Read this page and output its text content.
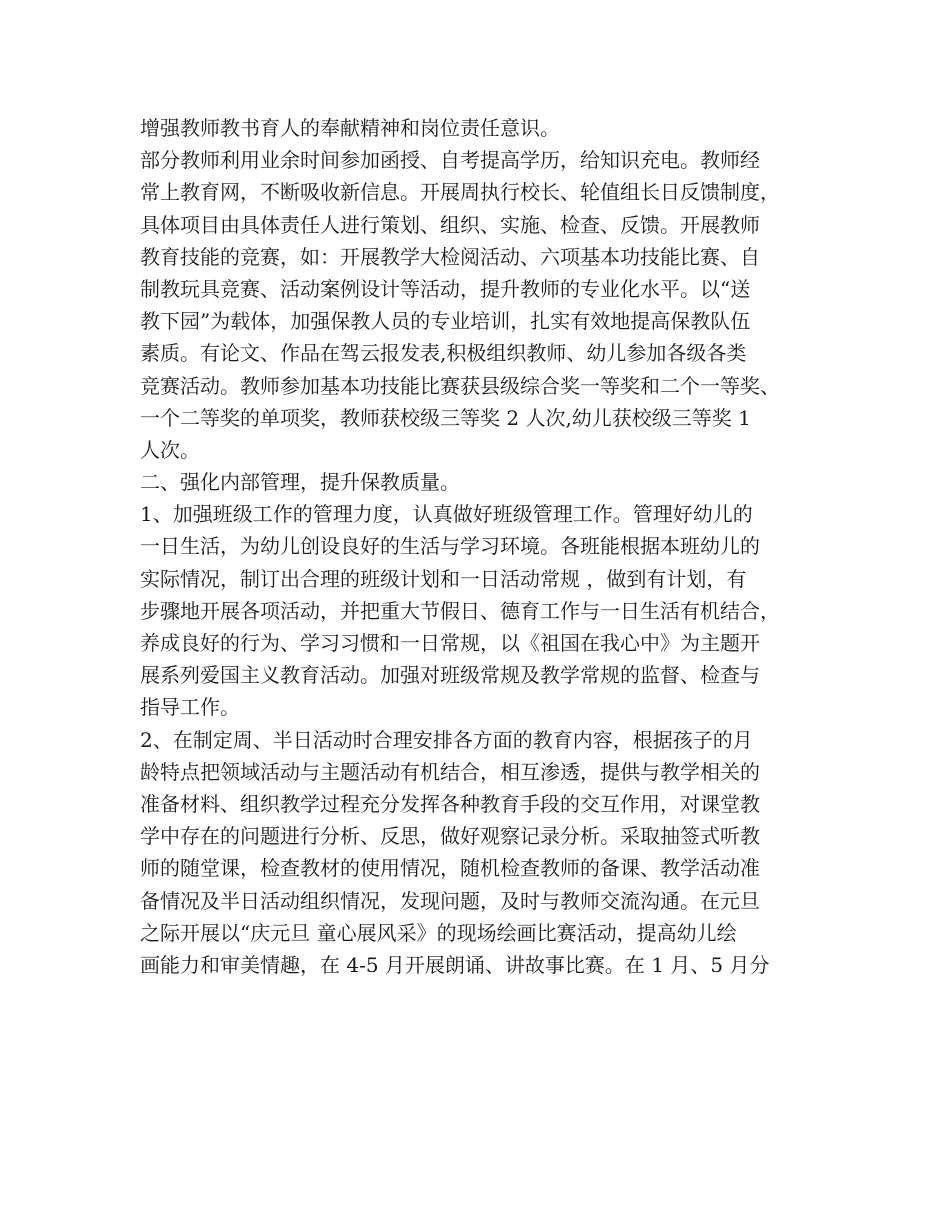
增强教师教书育人的奉献精神和岗位责任意识。
部分教师利用业余时间参加函授、自考提高学历，给知识充电。教师经
常上教育网，不断吸收新信息。开展周执行校长、轮值组长日反馈制度，
具体项目由具体责任人进行策划、组织、实施、检查、反馈。开展教师
教育技能的竞赛，如：开展教学大检阅活动、六项基本功技能比赛、自
制教玩具竞赛、活动案例设计等活动，提升教师的专业化水平。以“送
教下园”为载体，加强保教人员的专业培训，扎实有效地提高保教队伍
素质。有论文、作品在驾云报发表,积极组织教师、幼儿参加各级各类
竞赛活动。教师参加基本功技能比赛获县级综合奖一等奖和二个一等奖、
一个二等奖的单项奖，教师获校级三等奖 2 人次,幼儿获校级三等奖 1
人次。
二、强化内部管理，提升保教质量。
1、加强班级工作的管理力度，认真做好班级管理工作。管理好幼儿的
一日生活，为幼儿创设良好的生活与学习环境。各班能根据本班幼儿的
实际情况，制订出合理的班级计划和一日活动常规 ，做到有计划，有
步骤地开展各项活动，并把重大节假日、德育工作与一日生活有机结合，
养成良好的行为、学习习惯和一日常规，以《祖国在我心中》为主题开
展系列爱国主义教育活动。加强对班级常规及教学常规的监督、检查与
指导工作。
2、在制定周、半日活动时合理安排各方面的教育内容，根据孩子的月
龄特点把领域活动与主题活动有机结合，相互渗透，提供与教学相关的
准备材料、组织教学过程充分发挥各种教育手段的交互作用，对课堂教
学中存在的问题进行分析、反思，做好观察记录分析。采取抽签式听教
师的随堂课，检查教材的使用情况，随机检查教师的备课、教学活动准
备情况及半日活动组织情况，发现问题，及时与教师交流沟通。在元旦
之际开展以“庆元旦 童心展风采》的现场绘画比赛活动，提高幼儿绘
画能力和审美情趣，在 4-5 月开展朗诵、讲故事比赛。在 1 月、5 月分
